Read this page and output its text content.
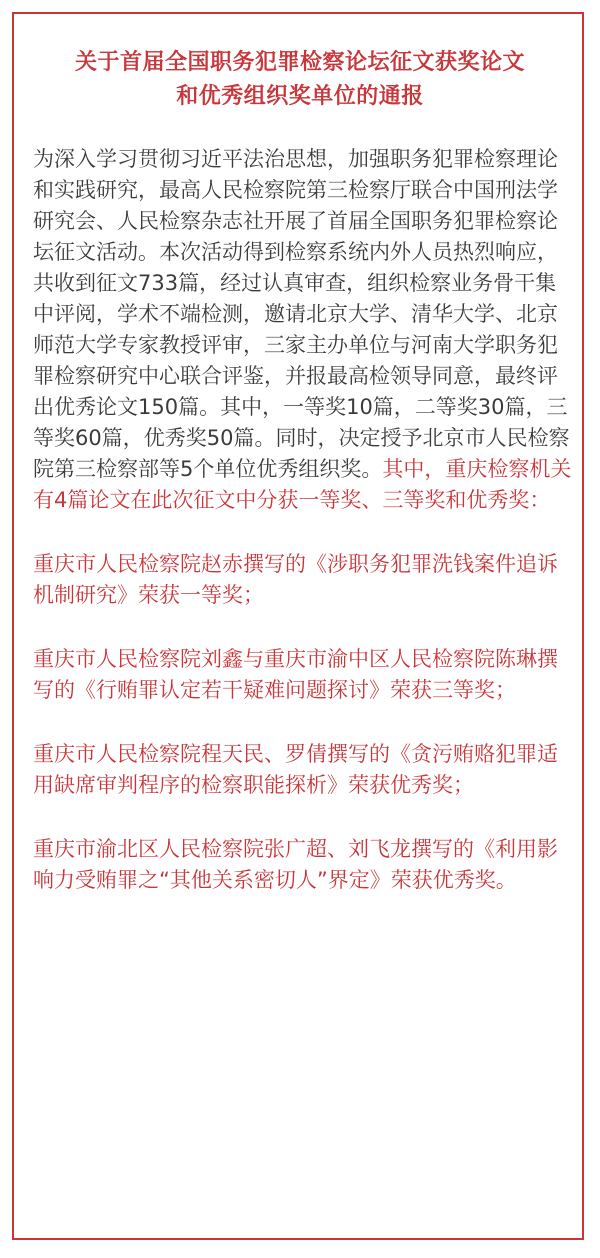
关于首届全国职务犯罪检察论坛征文获奖论文
和优秀组织奖单位的通报

为深入学习贯彻习近平法治思想，加强职务犯罪检察理论和实践研究，最高人民检察院第三检察厅联合中国刑法学研究会、人民检察杂志社开展了首届全国职务犯罪检察论坛征文活动。本次活动得到检察系统内外人员热烈响应，共收到征文733篇，经过认真审查，组织检察业务骨干集中评阅，学术不端检测，邀请北京大学、清华大学、北京师范大学专家教授评审，三家主办单位与河南大学职务犯罪检察研究中心联合评鉴，并报最高检领导同意，最终评出优秀论文150篇。其中，一等奖10篇，二等奖30篇，三等奖60篇，优秀奖50篇。同时，决定授予北京市人民检察院第三检察部等5个单位优秀组织奖。其中，重庆检察机关有4篇论文在此次征文中分获一等奖、三等奖和优秀奖：

重庆市人民检察院赵赤撰写的《涉职务犯罪洗钱案件追诉机制研究》荣获一等奖；

重庆市人民检察院刘鑫与重庆市渝中区人民检察院陈琳撰写的《行贿罪认定若干疑难问题探讨》荣获三等奖；

重庆市人民检察院程天民、罗倩撰写的《贪污贿赂犯罪适用缺席审判程序的检察职能探析》荣获优秀奖；

重庆市渝北区人民检察院张广超、刘飞龙撰写的《利用影响力受贿罪之“其他关系密切人”界定》荣获优秀奖。
